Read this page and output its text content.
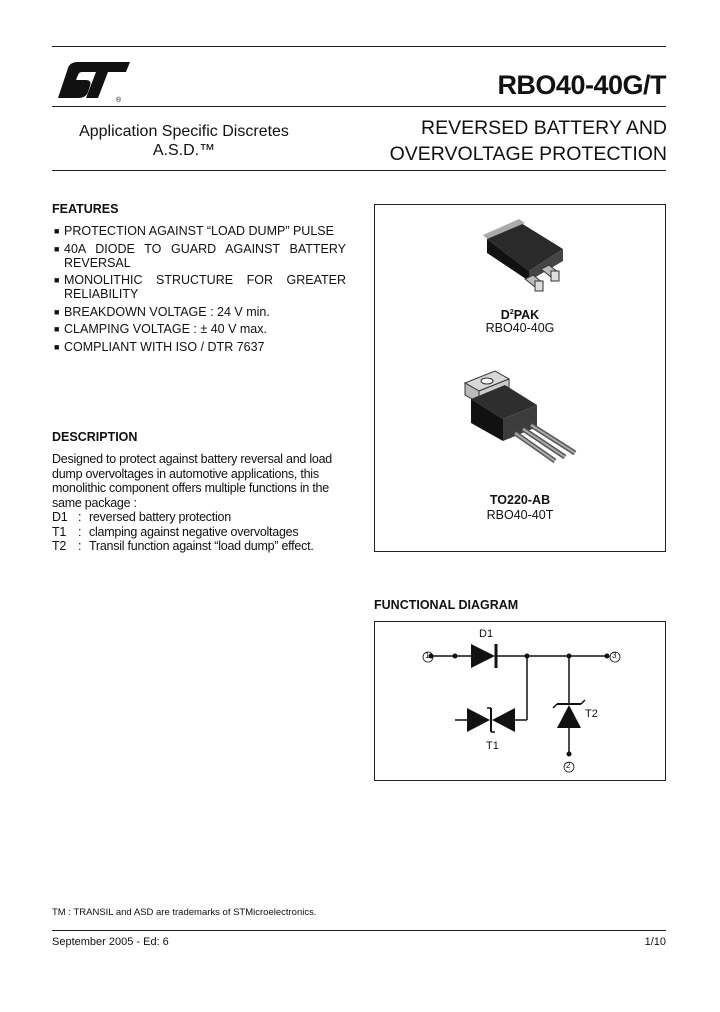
®
RBO40-40G/T
Application Specific Discretes
A.S.D.™
REVERSED BATTERY AND
OVERVOLTAGE PROTECTION
FEATURES
■ PROTECTION AGAINST “LOAD DUMP” PULSE
■ 40A DIODE TO GUARD AGAINST BATTERY REVERSAL
■ MONOLITHIC STRUCTURE FOR GREATER RELIABILITY
■ BREAKDOWN VOLTAGE : 24 V min.
■ CLAMPING VOLTAGE : ± 40 V max.
■ COMPLIANT WITH ISO / DTR 7637
DESCRIPTION
Designed to protect against battery reversal and load dump overvoltages in automotive applications, this monolithic component offers multiple functions in the same package :
D1 : reversed battery protection
T1 : clamping against negative overvoltages
T2 : Transil function against “load dump” effect.
$D^2PAK$
RBO40-40G
TO220-AB
RBO40-40T
FUNCTIONAL DIAGRAM
D1
T1
T2
1	3
2
TM : TRANSIL and ASD are trademarks of STMicroelectronics.
September 2005 - Ed: 6	1/10
